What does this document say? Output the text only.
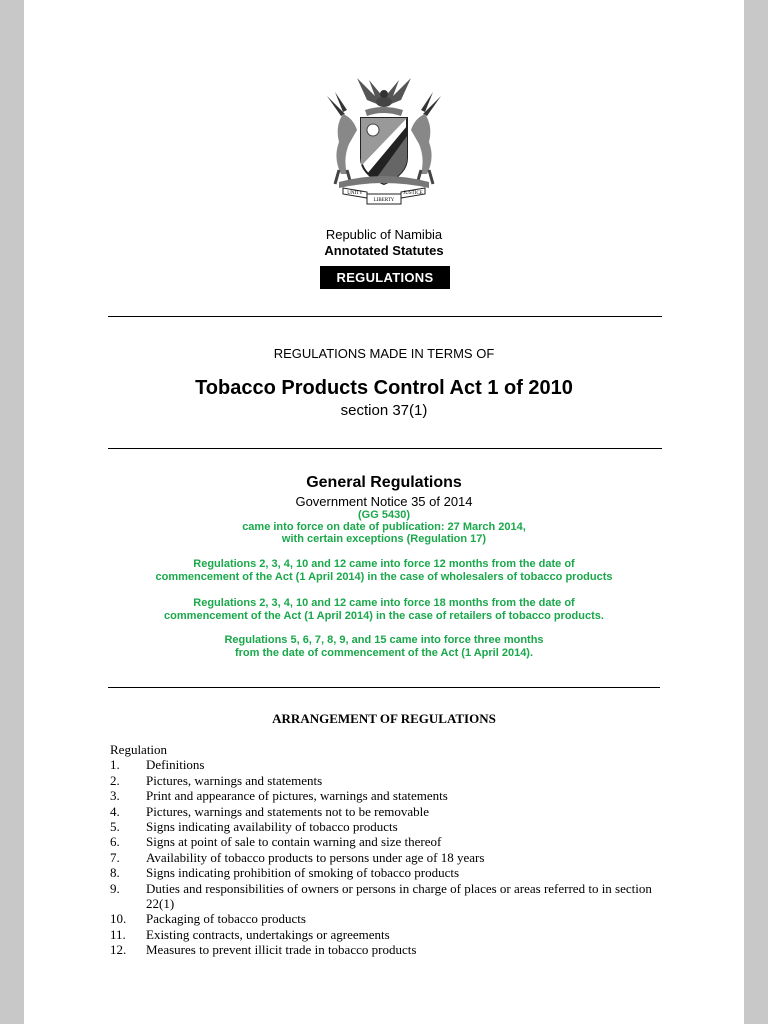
UNITY
LIBERTY
JUSTICE
Republic of Namibia
Annotated Statutes
REGULATIONS
REGULATIONS MADE IN TERMS OF
Tobacco Products Control Act 1 of 2010
section 37(1)
General Regulations
Government Notice 35 of 2014
(GG 5430)
came into force on date of publication: 27 March 2014,
with certain exceptions (Regulation 17)
Regulations 2, 3, 4, 10 and 12 came into force 12 months from the date of
commencement of the Act (1 April 2014) in the case of wholesalers of tobacco products
Regulations 2, 3, 4, 10 and 12 came into force 18 months from the date of
commencement of the Act (1 April 2014) in the case of retailers of tobacco products.
Regulations 5, 6, 7, 8, 9, and 15 came into force three months
from the date of commencement of the Act (1 April 2014).
ARRANGEMENT OF REGULATIONS
Regulation
1.	Definitions
2.	Pictures, warnings and statements
3.	Print and appearance of pictures, warnings and statements
4.	Pictures, warnings and statements not to be removable
5.	Signs indicating availability of tobacco products
6.	Signs at point of sale to contain warning and size thereof
7.	Availability of tobacco products to persons under age of 18 years
8.	Signs indicating prohibition of smoking of tobacco products
9.	Duties and responsibilities of owners or persons in charge of places or areas referred to in section 22(1)
10.	Packaging of tobacco products
11.	Existing contracts, undertakings or agreements
12.	Measures to prevent illicit trade in tobacco products
